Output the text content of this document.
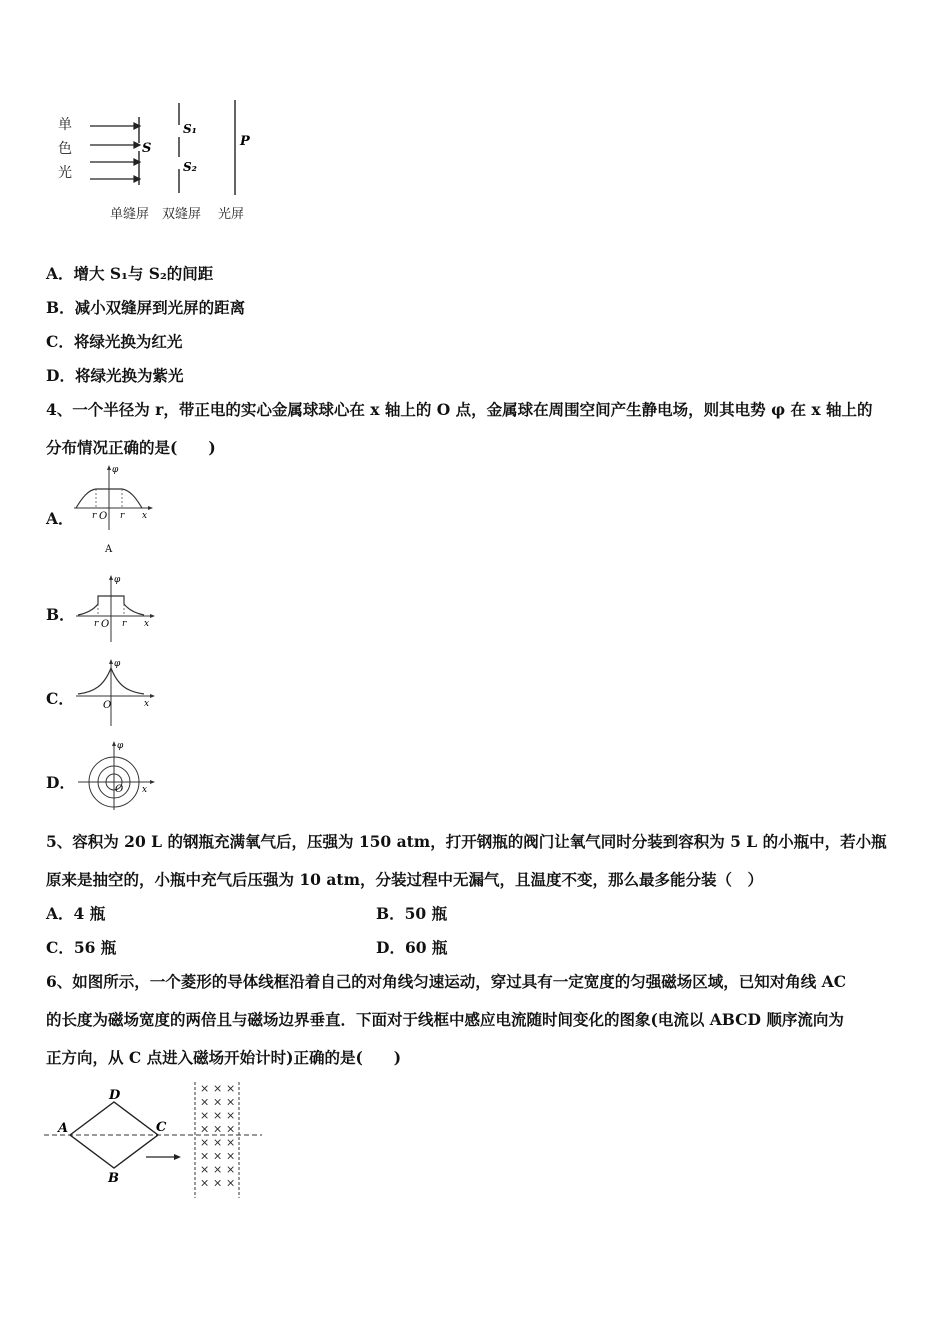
单
色
光
S
S₁
S₂
P
单缝屏 双缝屏 光屏
A．增大 S₁与 S₂的间距
B．减小双缝屏到光屏的距离
C．将绿光换为红光
D．将绿光换为紫光
4、一个半径为 r，带正电的实心金属球球心在 x 轴上的 O 点，金属球在周围空间产生静电场，则其电势 φ 在 x 轴上的
分布情况正确的是(　　)
A．
φ
r O r x
A
B．
φ
r O r x
C．
φ
O	x
D．
φ
O x
5、容积为 20 L 的钢瓶充满氧气后，压强为 150 atm，打开钢瓶的阀门让氧气同时分装到容积为 5 L 的小瓶中，若小瓶
原来是抽空的，小瓶中充气后压强为 10 atm，分装过程中无漏气，且温度不变，那么最多能分装（　）
A．4 瓶	B．50 瓶
C．56 瓶	D．60 瓶
6、如图所示，一个菱形的导体线框沿着自己的对角线匀速运动，穿过具有一定宽度的匀强磁场区域，已知对角线 AC
的长度为磁场宽度的两倍且与磁场边界垂直．下面对于线框中感应电流随时间变化的图象(电流以 ABCD 顺序流向为
正方向，从 C 点进入磁场开始计时)正确的是(　　)
A
D
C
B
× × ×
× × ×
× × ×
× × ×
× × ×
× × ×
× × ×
× × ×
